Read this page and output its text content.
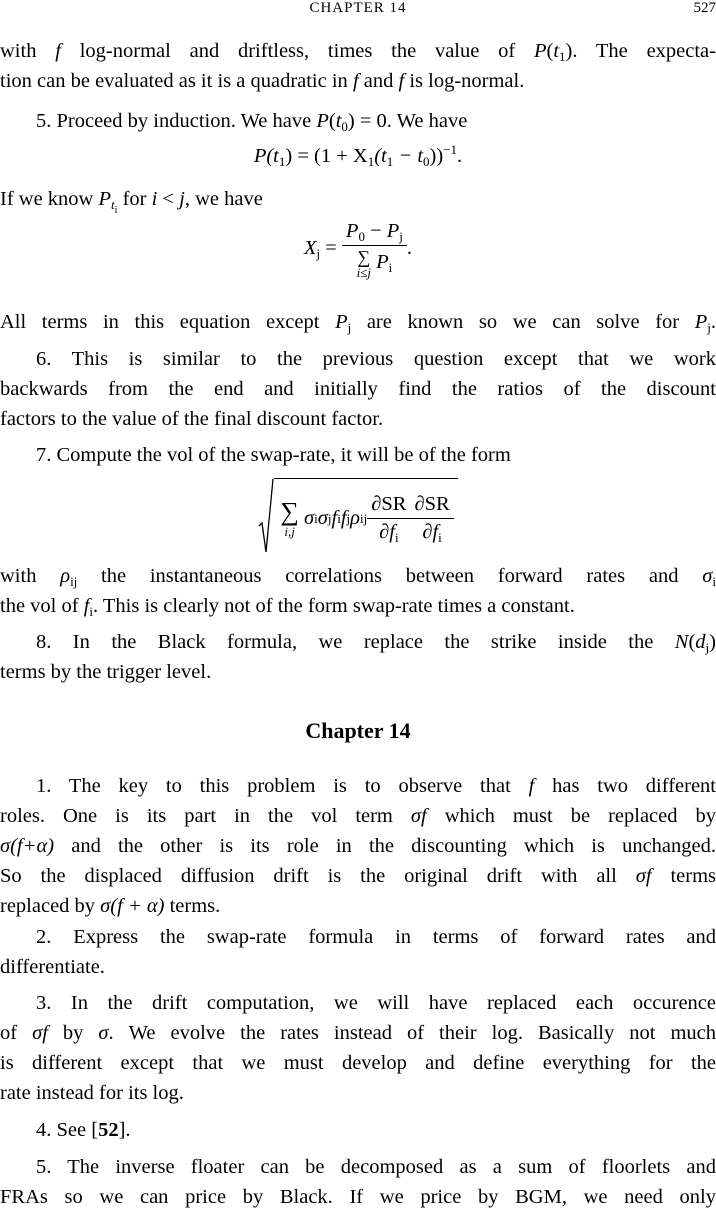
CHAPTER 14	527
with f log-normal and driftless, times the value of $P(t_1)$. The expecta-
tion can be evaluated as it is a quadratic in f and f is log-normal.
5. Proceed by induction. We have $P(t_0) = 0$. We have
$P(t_1) = (1 + X_1(t_1 - t_0))^{-1}$.
If we know $P_{t_i}$ for i < j, we have
$X_j = P_0 - P_j$
∑
i≤j $P_i$ .
All terms in this equation except $P_j$ are known so we can solve for $P_j$.
6. This is similar to the previous question except that we work
backwards from the end and initially find the ratios of the discount
factors to the value of the final discount factor.
7. Compute the vol of the swap-rate, it will be of the form
∑
i,j

σ i σ j f i f j ρ ij $\frac{\partial SR}{\partial f_i} \frac{\partial SR}{\partial f_i}$
with $\rho_{ij}$ the instantaneous correlations between forward rates and $\sigma_i$
the vol of $f_i$. This is clearly not of the form swap-rate times a constant.
8. In the Black formula, we replace the strike inside the $N(d_j)$
terms by the trigger level.
Chapter 14
1. The key to this problem is to observe that f has two different
roles. One is its part in the vol term σf which must be replaced by
σ(f+α) and the other is its role in the discounting which is unchanged.
So the displaced diffusion drift is the original drift with all σf terms
replaced by σ(f + α) terms.
2. Express the swap-rate formula in terms of forward rates and
differentiate.
3. In the drift computation, we will have replaced each occurence
of σf by σ. We evolve the rates instead of their log. Basically not much
is different except that we must develop and define everything for the
rate instead for its log.
4. See [52].
5. The inverse floater can be decomposed as a sum of floorlets and
FRAs so we can price by Black. If we price by BGM, we need only
